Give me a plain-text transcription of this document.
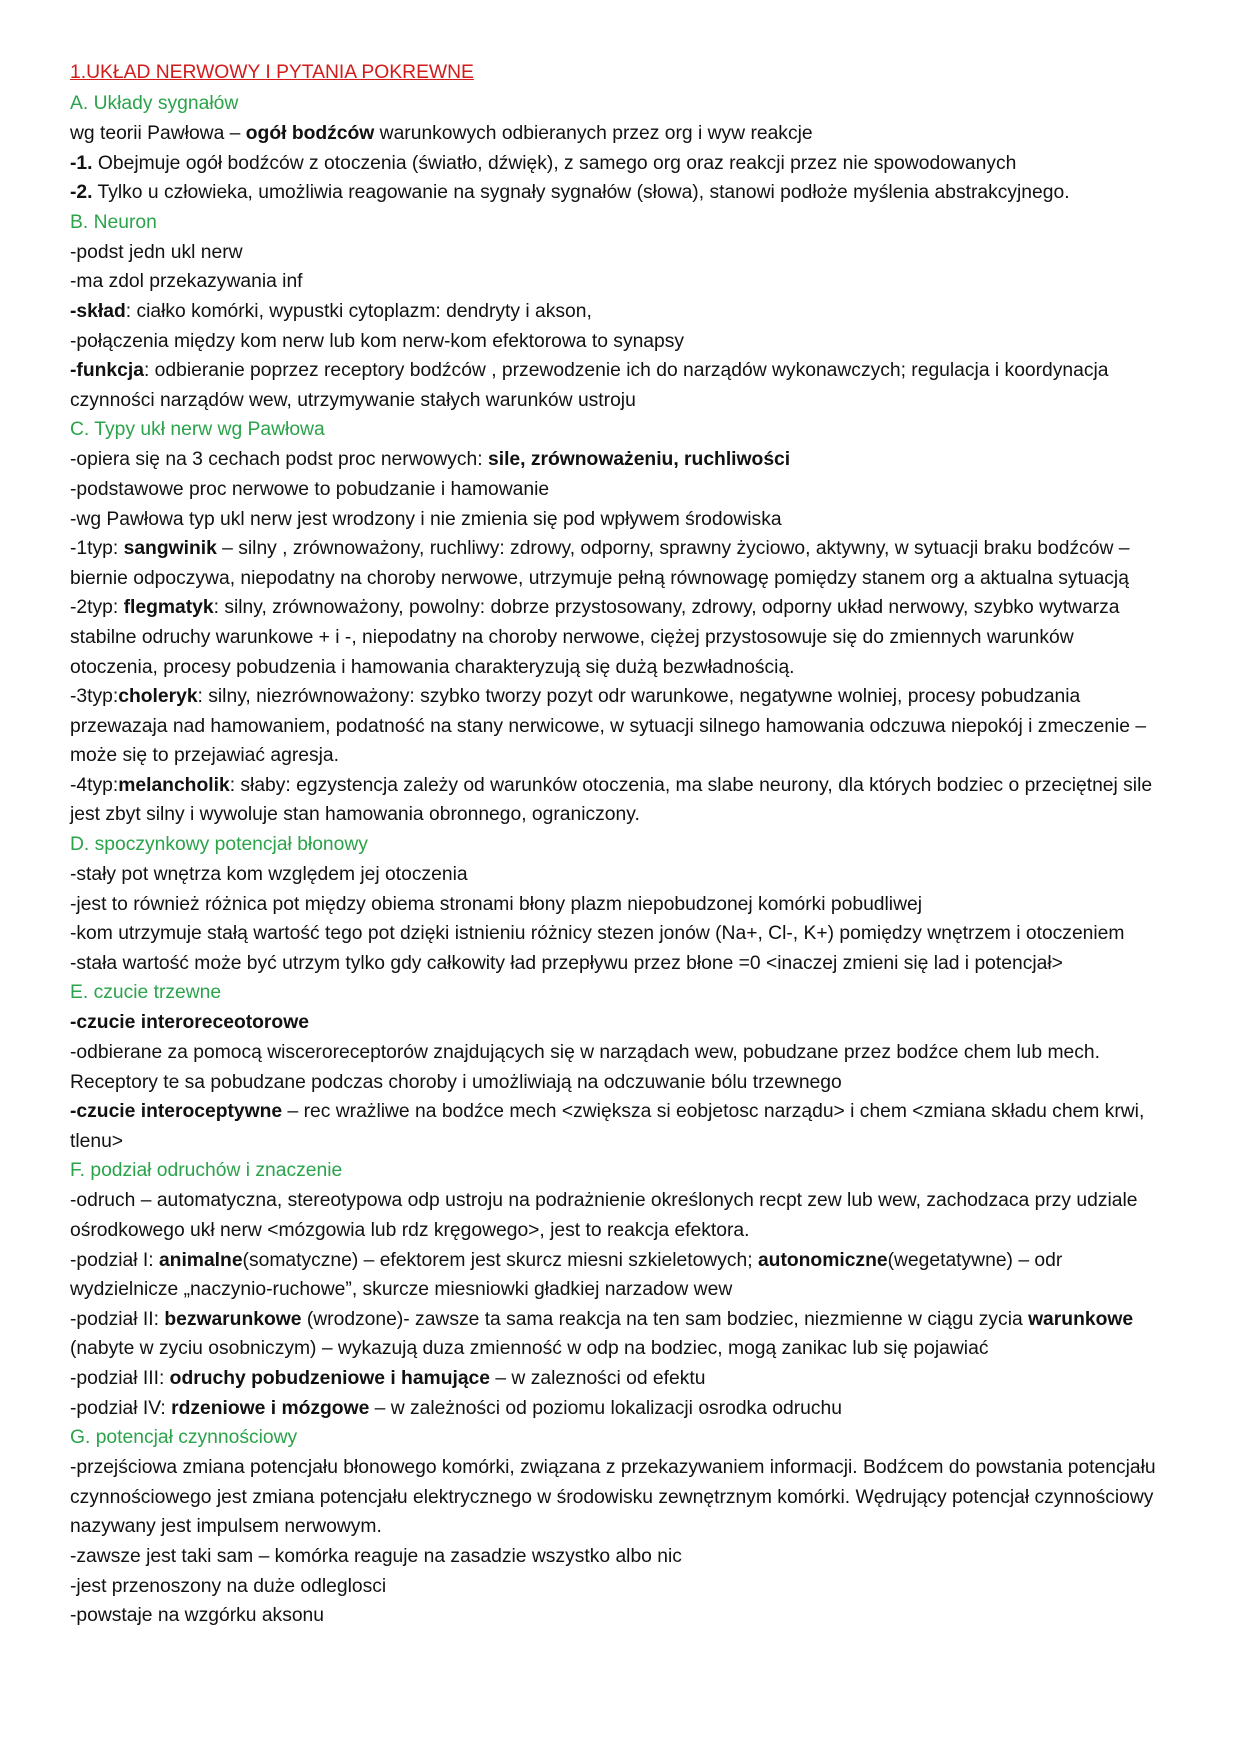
1.UKŁAD NERWOWY I PYTANIA POKREWNE
A. Układy sygnałów
wg teorii Pawłowa – ogół bodźców warunkowych odbieranych przez org i wyw reakcje
-1. Obejmuje ogół bodźców z otoczenia (światło, dźwięk), z samego org oraz reakcji przez nie spowodowanych
-2. Tylko u człowieka, umożliwia reagowanie na sygnały sygnałów (słowa), stanowi podłoże myślenia abstrakcyjnego.
B. Neuron
-podst jedn ukl nerw
-ma zdol przekazywania inf
-skład: ciałko komórki, wypustki cytoplazm: dendryty i akson,
-połączenia między kom nerw lub kom nerw-kom efektorowa to synapsy
-funkcja: odbieranie poprzez receptory bodźców , przewodzenie ich do narządów wykonawczych; regulacja i koordynacja czynności narządów wew, utrzymywanie stałych warunków ustroju
C. Typy ukł nerw wg Pawłowa
-opiera się na 3 cechach podst proc nerwowych: sile, zrównoważeniu, ruchliwości
-podstawowe proc nerwowe to pobudzanie i hamowanie
-wg Pawłowa typ ukl nerw jest wrodzony i nie zmienia się pod wpływem środowiska
-1typ: sangwinik – silny , zrównoważony, ruchliwy: zdrowy, odporny, sprawny życiowo, aktywny, w sytuacji braku bodźców – biernie odpoczywa, niepodatny na choroby nerwowe, utrzymuje pełną równowagę pomiędzy stanem org a aktualna sytuacją
-2typ: flegmatyk: silny, zrównoważony, powolny: dobrze przystosowany, zdrowy, odporny układ nerwowy, szybko wytwarza stabilne odruchy warunkowe + i -, niepodatny na choroby nerwowe, ciężej przystosowuje się do zmiennych warunków otoczenia, procesy pobudzenia i hamowania charakteryzują się dużą bezwładnością.
-3typ:choleryk: silny, niezrównoważony: szybko tworzy pozyt odr warunkowe, negatywne wolniej, procesy pobudzania przewazaja nad hamowaniem, podatność na stany nerwicowe, w sytuacji silnego hamowania odczuwa niepokój i zmeczenie – może się to przejawiać agresja.
-4typ:melancholik: słaby: egzystencja zależy od warunków otoczenia, ma slabe neurony, dla których bodziec o przeciętnej sile jest zbyt silny i wywoluje stan hamowania obronnego, ograniczony.
D. spoczynkowy potencjał błonowy
-stały pot wnętrza kom względem jej otoczenia
-jest to również różnica pot między obiema stronami błony plazm niepobudzonej komórki pobudliwej
-kom utrzymuje stałą wartość tego pot dzięki istnieniu różnicy stezen jonów (Na+, Cl-, K+) pomiędzy wnętrzem i otoczeniem
-stała wartość może być utrzym tylko gdy całkowity ład przepływu przez błone =0 <inaczej zmieni się lad i potencjał>
E. czucie trzewne
-czucie interoreceotorowe
-odbierane za pomocą wisceroreceptorów znajdujących się w narządach wew, pobudzane przez bodźce chem lub mech. Receptory te sa pobudzane podczas choroby i umożliwiają na odczuwanie bólu trzewnego
-czucie interoceptywne – rec wrażliwe na bodźce mech <zwiększa si eobjetosc narządu> i chem <zmiana składu chem krwi, tlenu>
F. podział odruchów i znaczenie
-odruch – automatyczna, stereotypowa odp ustroju na podrażnienie określonych recpt zew lub wew, zachodzaca przy udziale ośrodkowego ukł nerw <mózgowia lub rdz kręgowego>, jest to reakcja efektora.
-podział I: animalne(somatyczne) – efektorem jest skurcz miesni szkieletowych; autonomiczne(wegetatywne) – odr wydzielnicze „naczynio-ruchowe”, skurcze miesniowki gładkiej narzadow wew
-podział II: bezwarunkowe (wrodzone)- zawsze ta sama reakcja na ten sam bodziec, niezmienne w ciągu zycia warunkowe (nabyte w zyciu osobniczym) – wykazują duza zmienność w odp na bodziec, mogą zanikac lub się pojawiać
-podział III: odruchy pobudzeniowe i hamujące – w zalezności od efektu
-podział IV: rdzeniowe i mózgowe – w zależności od poziomu lokalizacji osrodka odruchu
G. potencjał czynnościowy
-przejściowa zmiana potencjału błonowego komórki, związana z przekazywaniem informacji. Bodźcem do powstania potencjału czynnościowego jest zmiana potencjału elektrycznego w środowisku zewnętrznym komórki. Wędrujący potencjał czynnościowy nazywany jest impulsem nerwowym.
-zawsze jest taki sam – komórka reaguje na zasadzie wszystko albo nic
-jest przenoszony na duże odleglosci
-powstaje na wzgórku aksonu
